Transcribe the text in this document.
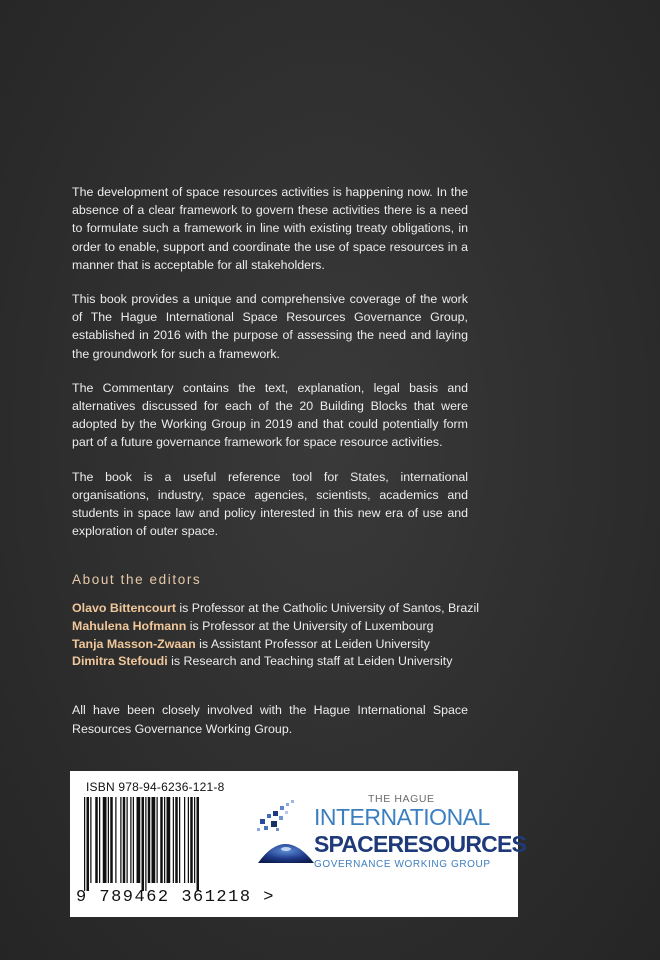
The development of space resources activities is happening now. In the absence of a clear framework to govern these activities there is a need to formulate such a framework in line with existing treaty obligations, in order to enable, support and coordinate the use of space resources in a manner that is acceptable for all stakeholders.

This book provides a unique and comprehensive coverage of the work of The Hague International Space Resources Governance Group, established in 2016 with the purpose of assessing the need and laying the groundwork for such a framework.

The Commentary contains the text, explanation, legal basis and alternatives discussed for each of the 20 Building Blocks that were adopted by the Working Group in 2019 and that could potentially form part of a future governance framework for space resource activities.

The book is a useful reference tool for States, international organisations, industry, space agencies, scientists, academics and students in space law and policy interested in this new era of use and exploration of outer space.

About the editors
Olavo Bittencourt is Professor at the Catholic University of Santos, Brazil
Mahulena Hofmann is Professor at the University of Luxembourg
Tanja Masson-Zwaan is Assistant Professor at Leiden University
Dimitra Stefoudi is Research and Teaching staff at Leiden University

All have been closely involved with the Hague International Space Resources Governance Working Group.

ISBN 978-94-6236-121-8
9 789462 361218 >
THE HAGUE
INTERNATIONAL
SPACERESOURCES
GOVERNANCE WORKING GROUP
